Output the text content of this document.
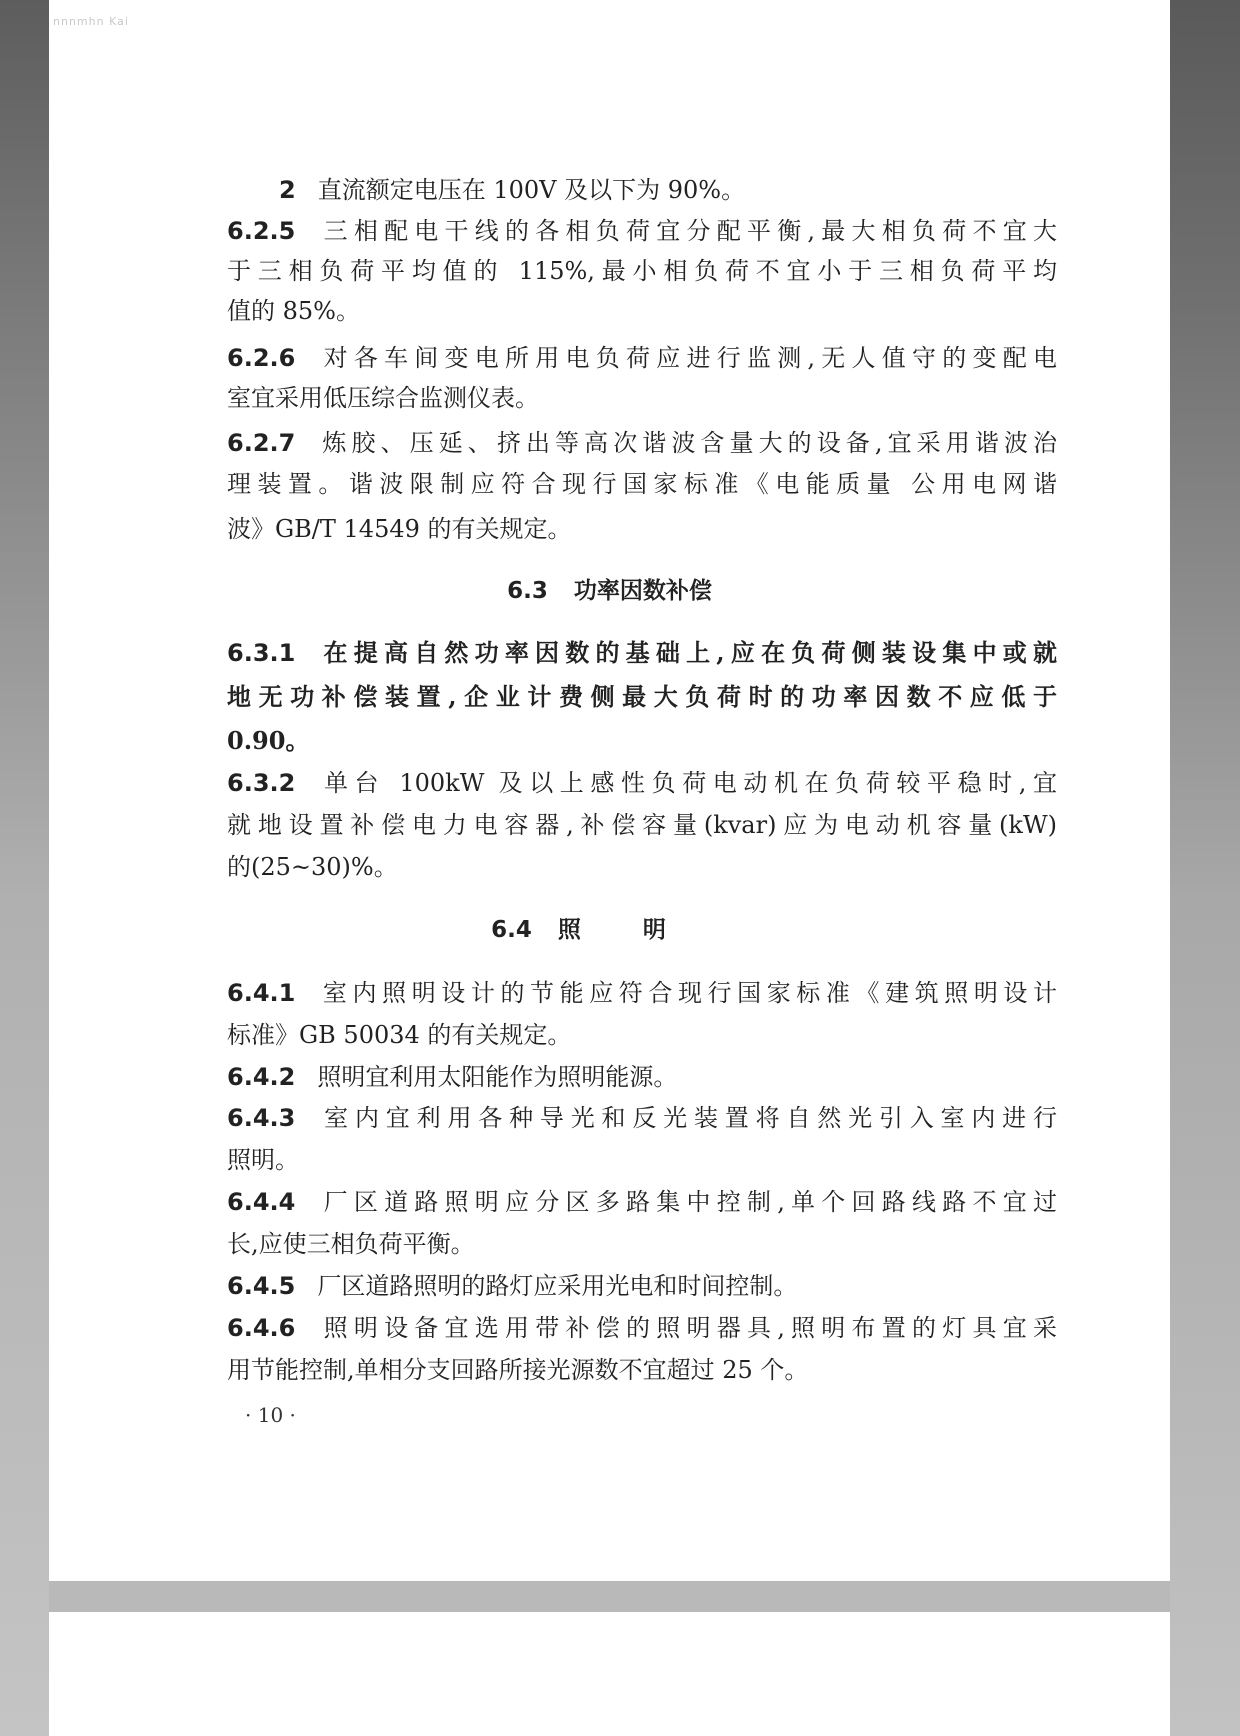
nnnmhn Kai
2 直流额定电压在 100V 及以下为 90%。
6.2.5 三相配电干线的各相负荷宜分配平衡,最大相负荷不宜大
于三相负荷平均值的 115%,最小相负荷不宜小于三相负荷平均
值的 85%。
6.2.6 对各车间变电所用电负荷应进行监测,无人值守的变配电
室宜采用低压综合监测仪表。
6.2.7 炼胶、压延、挤出等高次谐波含量大的设备,宜采用谐波治
理装置。谐波限制应符合现行国家标准《电能质量 公用电网谐
波》GB/T 14549 的有关规定。
6.3 功率因数补偿
6.3.1 在提高自然功率因数的基础上,应在负荷侧装设集中或就
地无功补偿装置,企业计费侧最大负荷时的功率因数不应低于
0.90。
6.3.2 单台 100kW 及以上感性负荷电动机在负荷较平稳时,宜
就地设置补偿电力电容器,补偿容量(kvar)应为电动机容量(kW)
的(25~30)%。
6.4 照明
6.4.1 室内照明设计的节能应符合现行国家标准《建筑照明设计
标准》GB 50034 的有关规定。
6.4.2 照明宜利用太阳能作为照明能源。
6.4.3 室内宜利用各种导光和反光装置将自然光引入室内进行
照明。
6.4.4 厂区道路照明应分区多路集中控制,单个回路线路不宜过
长,应使三相负荷平衡。
6.4.5 厂区道路照明的路灯应采用光电和时间控制。
6.4.6 照明设备宜选用带补偿的照明器具,照明布置的灯具宜采
用节能控制,单相分支回路所接光源数不宜超过 25 个。
· 10 ·
